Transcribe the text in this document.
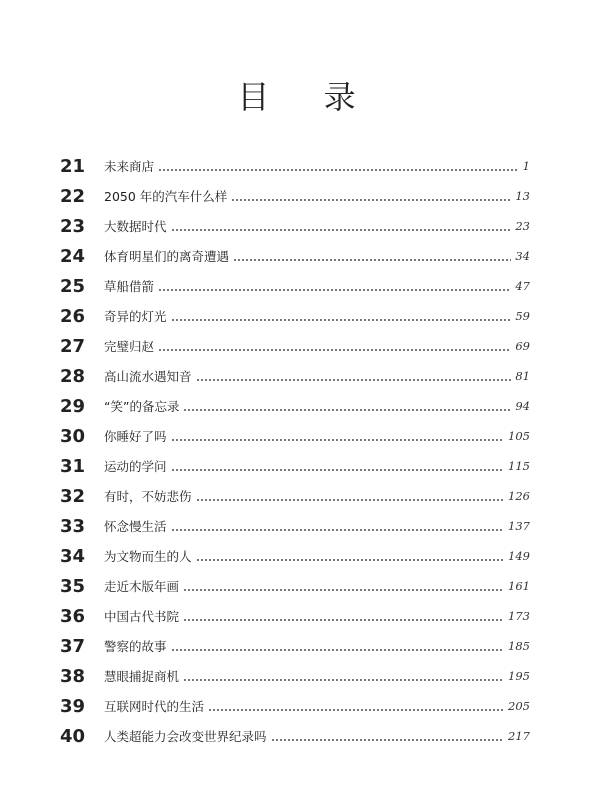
目 录
21	未来商店	1
22	2050 年的汽车什么样	13
23	大数据时代	23
24	体育明星们的离奇遭遇	34
25	草船借箭	47
26	奇异的灯光	59
27	完璧归赵	69
28	高山流水遇知音	81
29	“笑”的备忘录	94
30	你睡好了吗	105
31	运动的学问	115
32	有时，不妨悲伤	126
33	怀念慢生活	137
34	为文物而生的人	149
35	走近木版年画	161
36	中国古代书院	173
37	警察的故事	185
38	慧眼捕捉商机	195
39	互联网时代的生活	205
40	人类超能力会改变世界纪录吗	217
